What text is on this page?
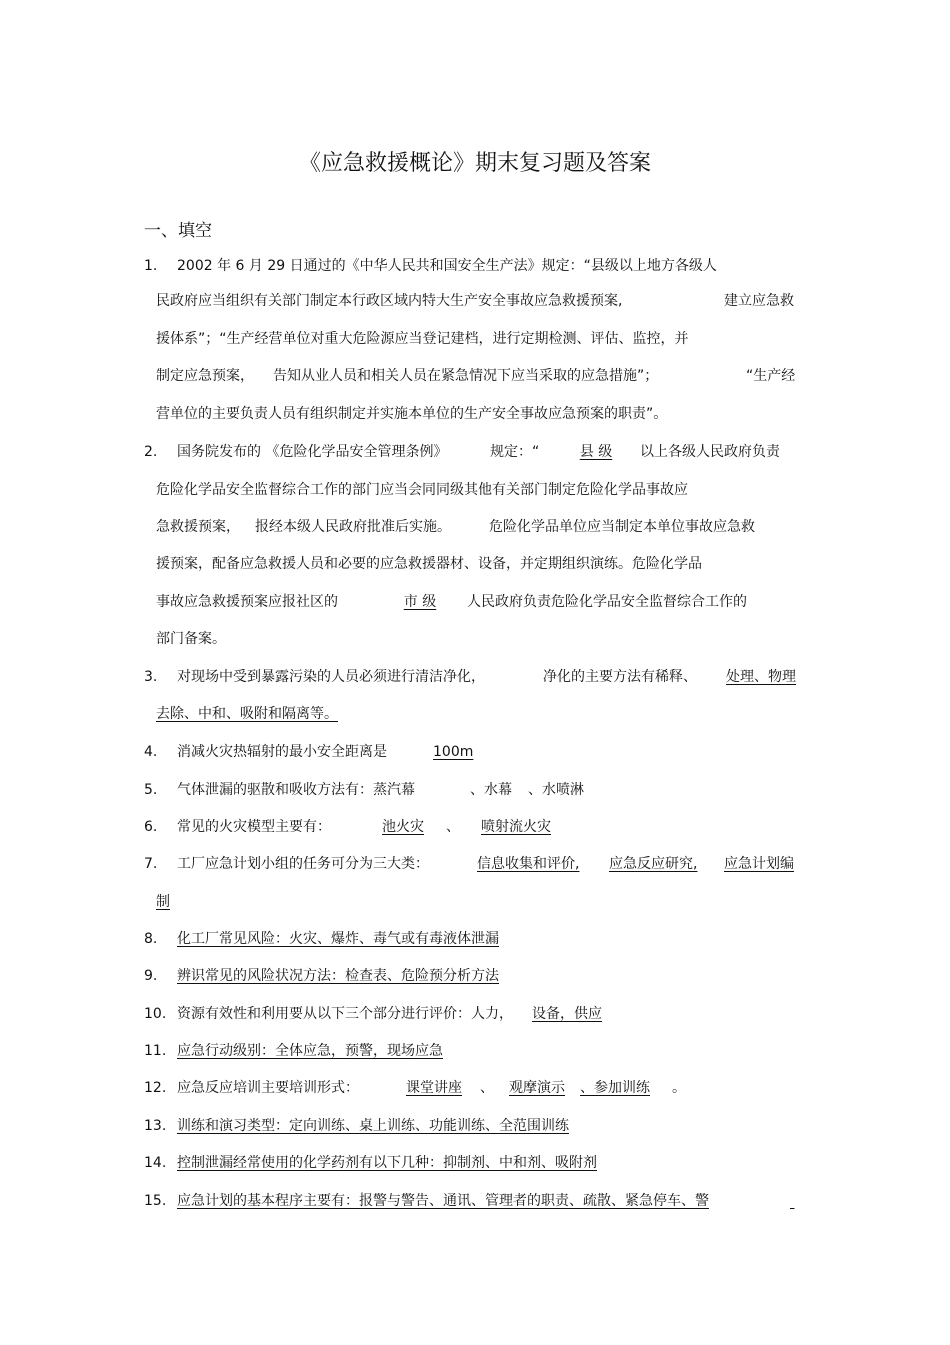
《应急救援概论》期末复习题及答案
一、填空
1. 2002 年 6 月 29 日通过的《中华人民共和国安全生产法》规定：“县级以上地方各级人
民政府应当组织有关部门制定本行政区域内特大生产安全事故应急救援预案,	建立应急救
援体系”；“生产经营单位对重大危险源应当登记建档，进行定期检测、评估、监控，并
制定应急预案， 告知从业人员和相关人员在紧急情况下应当采取的应急措施”；	“生产经
营单位的主要负责人员有组织制定并实施本单位的生产安全事故应急预案的职责”。
2. 国务院发布的 《危险化学品安全管理条例》	规定：“	县 级	以上各级人民政府负责
危险化学品安全监督综合工作的部门应当会同同级其他有关部门制定危险化学品事故应
急救援预案， 报经本级人民政府批准后实施。	危险化学品单位应当制定本单位事故应急救
援预案，配备应急救援人员和必要的应急救援器材、设备，并定期组织演练。危险化学品
事故应急救援预案应报社区的	市 级	人民政府负责危险化学品安全监督综合工作的
部门备案。
3. 对现场中受到暴露污染的人员必须进行清洁净化，	净化的主要方法有稀释、 处理、物理
去除、中和、吸附和隔离等。
4. 消减火灾热辐射的最小安全距离是	100m
5. 气体泄漏的驱散和吸收方法有：蒸汽幕	、水幕 、水喷淋
6. 常见的火灾模型主要有：	池火灾	、	喷射流火灾
7. 工厂应急计划小组的任务可分为三大类：	信息收集和评价, 应急反应研究, 应急计划编
制
8. 化工厂常见风险：火灾、爆炸、毒气或有毒液体泄漏
9. 辨识常见的风险状况方法：检查表、危险预分析方法
10. 资源有效性和利用要从以下三个部分进行评价：人力， 设备，供应
11. 应急行动级别：全体应急，预警，现场应急
12. 应急反应培训主要培训形式：	课堂讲座	、	观摩演示	、参加训练	。
13. 训练和演习类型：定向训练、桌上训练、功能训练、全范围训练
14. 控制泄漏经常使用的化学药剂有以下几种：抑制剂、中和剂、吸附剂
15. 应急计划的基本程序主要有：报警与警告、通讯、管理者的职责、疏散、紧急停车、警
